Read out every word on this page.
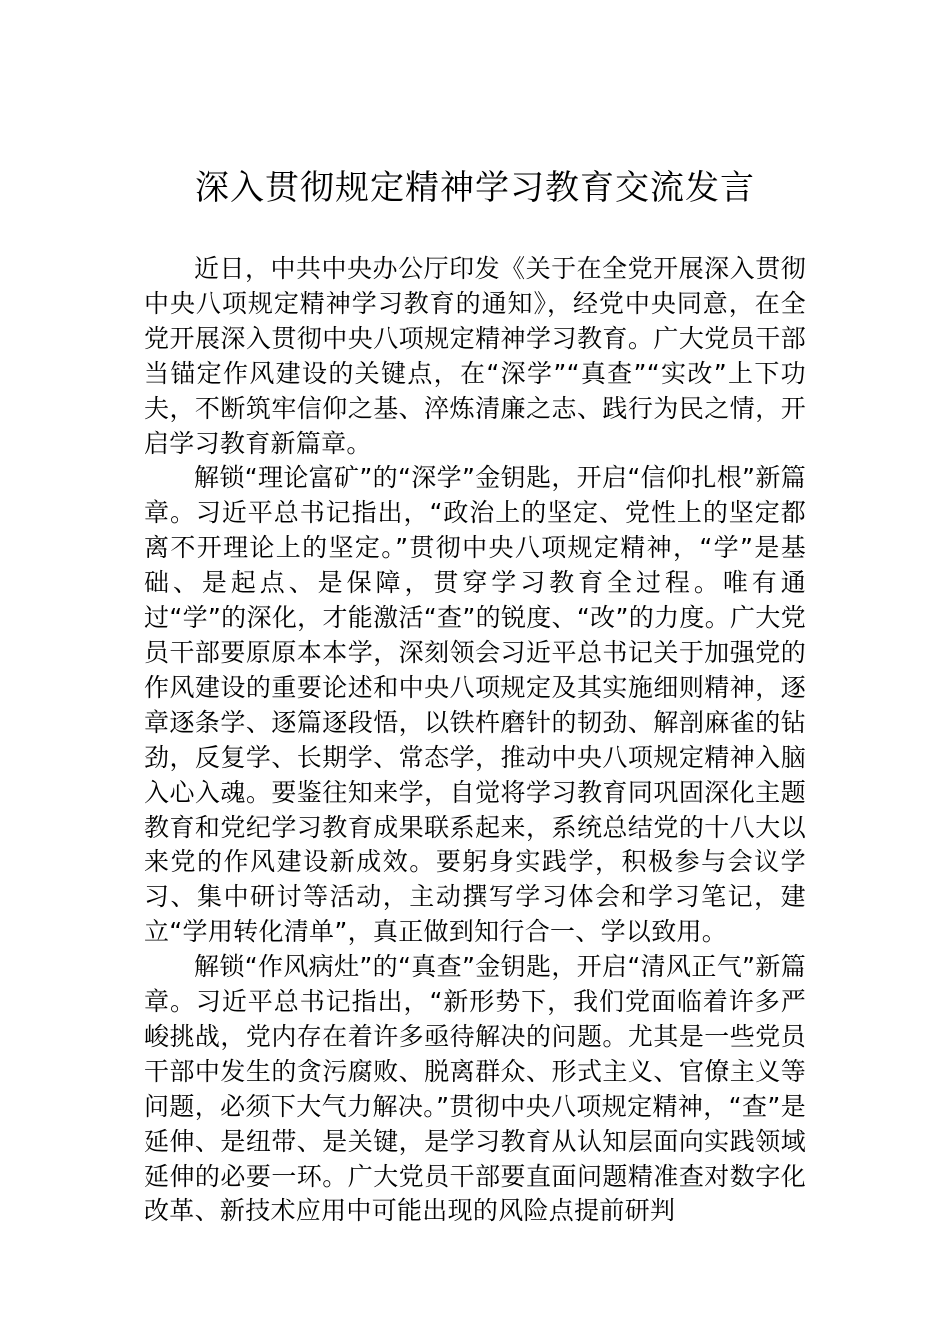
深入贯彻规定精神学习教育交流发言

近日，中共中央办公厅印发《关于在全党开展深入贯彻中央八项规定精神学习教育的通知》，经党中央同意，在全党开展深入贯彻中央八项规定精神学习教育。广大党员干部当锚定作风建设的关键点，在“深学”“真查”“实改”上下功夫，不断筑牢信仰之基、淬炼清廉之志、践行为民之情，开启学习教育新篇章。

解锁“理论富矿”的“深学”金钥匙，开启“信仰扎根”新篇章。习近平总书记指出，“政治上的坚定、党性上的坚定都离不开理论上的坚定。”贯彻中央八项规定精神，“学”是基础、是起点、是保障，贯穿学习教育全过程。唯有通过“学”的深化，才能激活“查”的锐度、“改”的力度。广大党员干部要原原本本学，深刻领会习近平总书记关于加强党的作风建设的重要论述和中央八项规定及其实施细则精神，逐章逐条学、逐篇逐段悟，以铁杵磨针的韧劲、解剖麻雀的钻劲，反复学、长期学、常态学，推动中央八项规定精神入脑入心入魂。要鉴往知来学，自觉将学习教育同巩固深化主题教育和党纪学习教育成果联系起来，系统总结党的十八大以来党的作风建设新成效。要躬身实践学，积极参与会议学习、集中研讨等活动，主动撰写学习体会和学习笔记，建立“学用转化清单”，真正做到知行合一、学以致用。

解锁“作风病灶”的“真查”金钥匙，开启“清风正气”新篇章。习近平总书记指出，“新形势下，我们党面临着许多严峻挑战，党内存在着许多亟待解决的问题。尤其是一些党员干部中发生的贪污腐败、脱离群众、形式主义、官僚主义等问题，必须下大气力解决。”贯彻中央八项规定精神，“查”是延伸、是纽带、是关键，是学习教育从认知层面向实践领域延伸的必要一环。广大党员干部要直面问题精准查对数字化改革、新技术应用中可能出现的风险点提前研判
